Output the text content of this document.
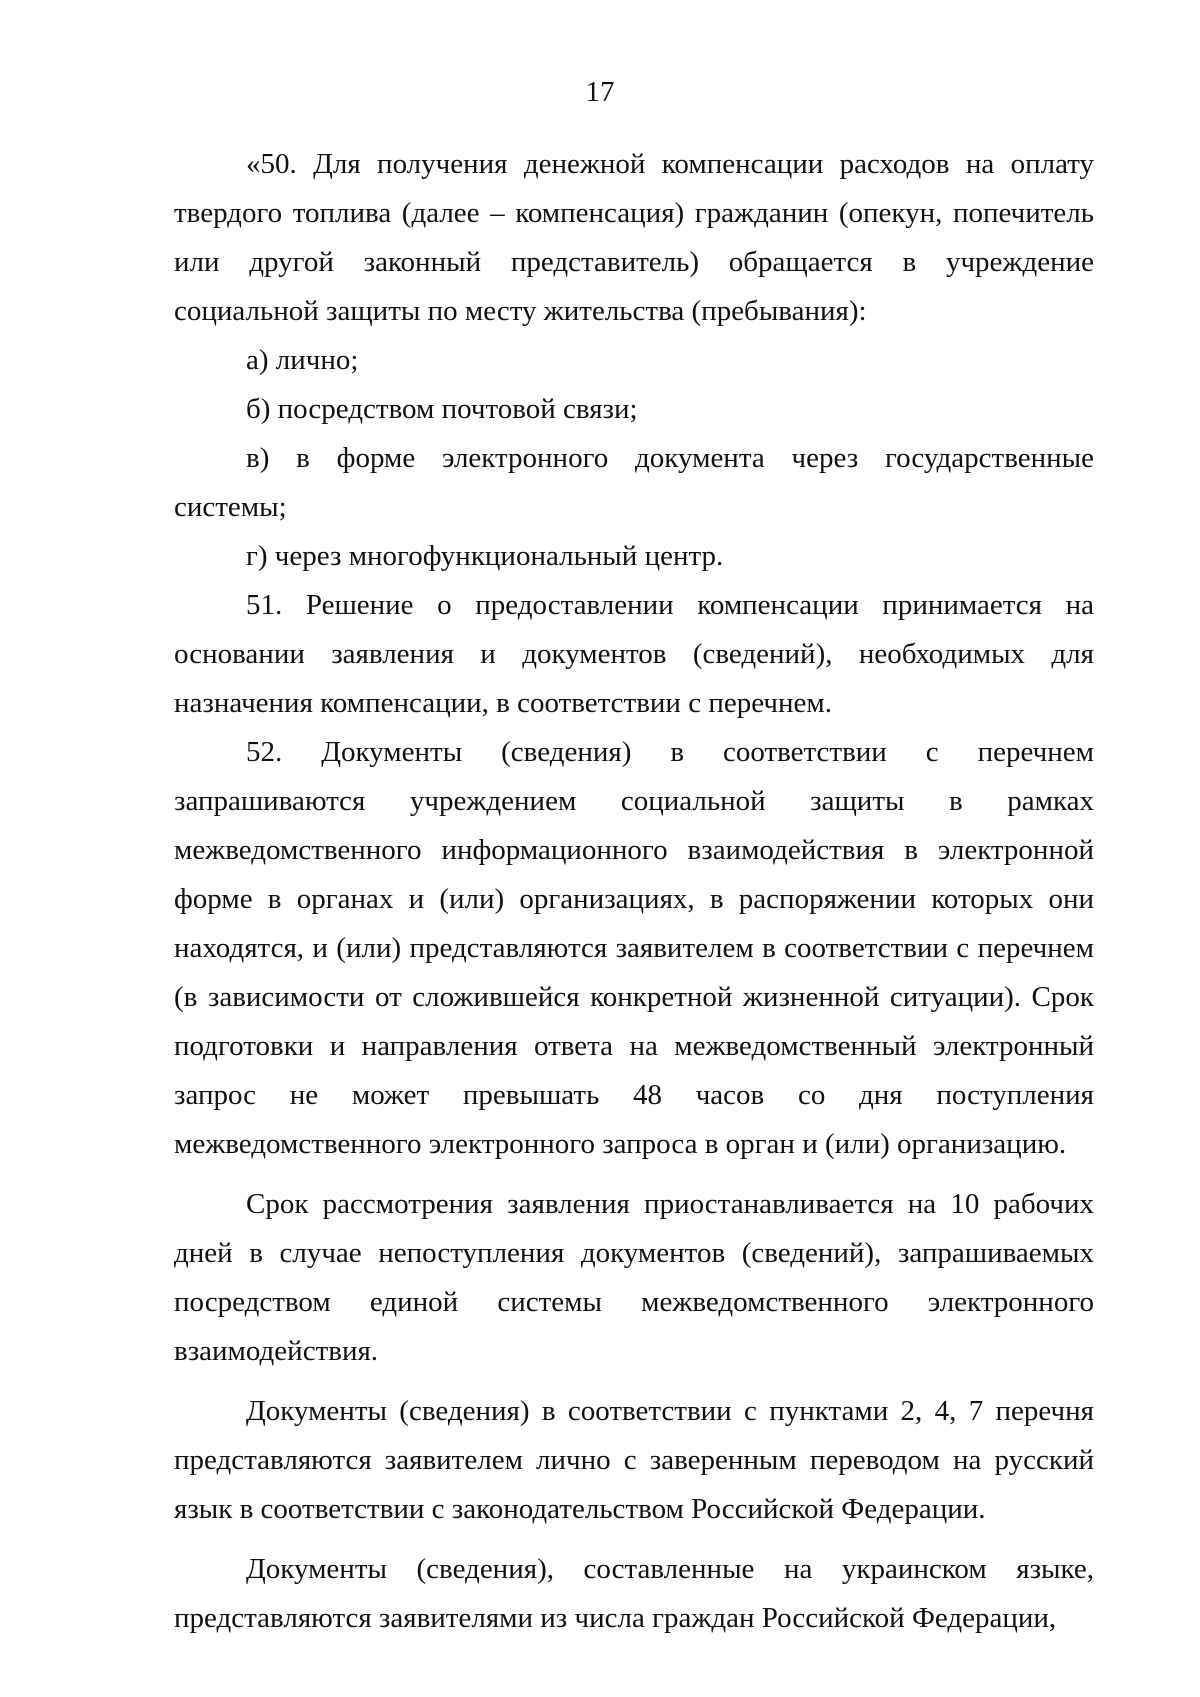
17

«50. Для получения денежной компенсации расходов на оплату твердого топлива (далее – компенсация) гражданин (опекун, попечитель или другой законный представитель) обращается в учреждение социальной защиты по месту жительства (пребывания):

а) лично;

б) посредством почтовой связи;

в) в форме электронного документа через государственные системы;

г) через многофункциональный центр.

51. Решение о предоставлении компенсации принимается на основании заявления и документов (сведений), необходимых для назначения компенсации, в соответствии с перечнем.

52. Документы (сведения) в соответствии с перечнем запрашиваются учреждением социальной защиты в рамках межведомственного информационного взаимодействия в электронной форме в органах и (или) организациях, в распоряжении которых они находятся, и (или) представляются заявителем в соответствии с перечнем (в зависимости от сложившейся конкретной жизненной ситуации). Срок подготовки и направления ответа на межведомственный электронный запрос не может превышать 48 часов со дня поступления межведомственного электронного запроса в орган и (или) организацию.

Срок рассмотрения заявления приостанавливается на 10 рабочих дней в случае непоступления документов (сведений), запрашиваемых посредством единой системы межведомственного электронного взаимодействия.

Документы (сведения) в соответствии с пунктами 2, 4, 7 перечня представляются заявителем лично с заверенным переводом на русский язык в соответствии с законодательством Российской Федерации.

Документы (сведения), составленные на украинском языке, представляются заявителями из числа граждан Российской Федерации,
